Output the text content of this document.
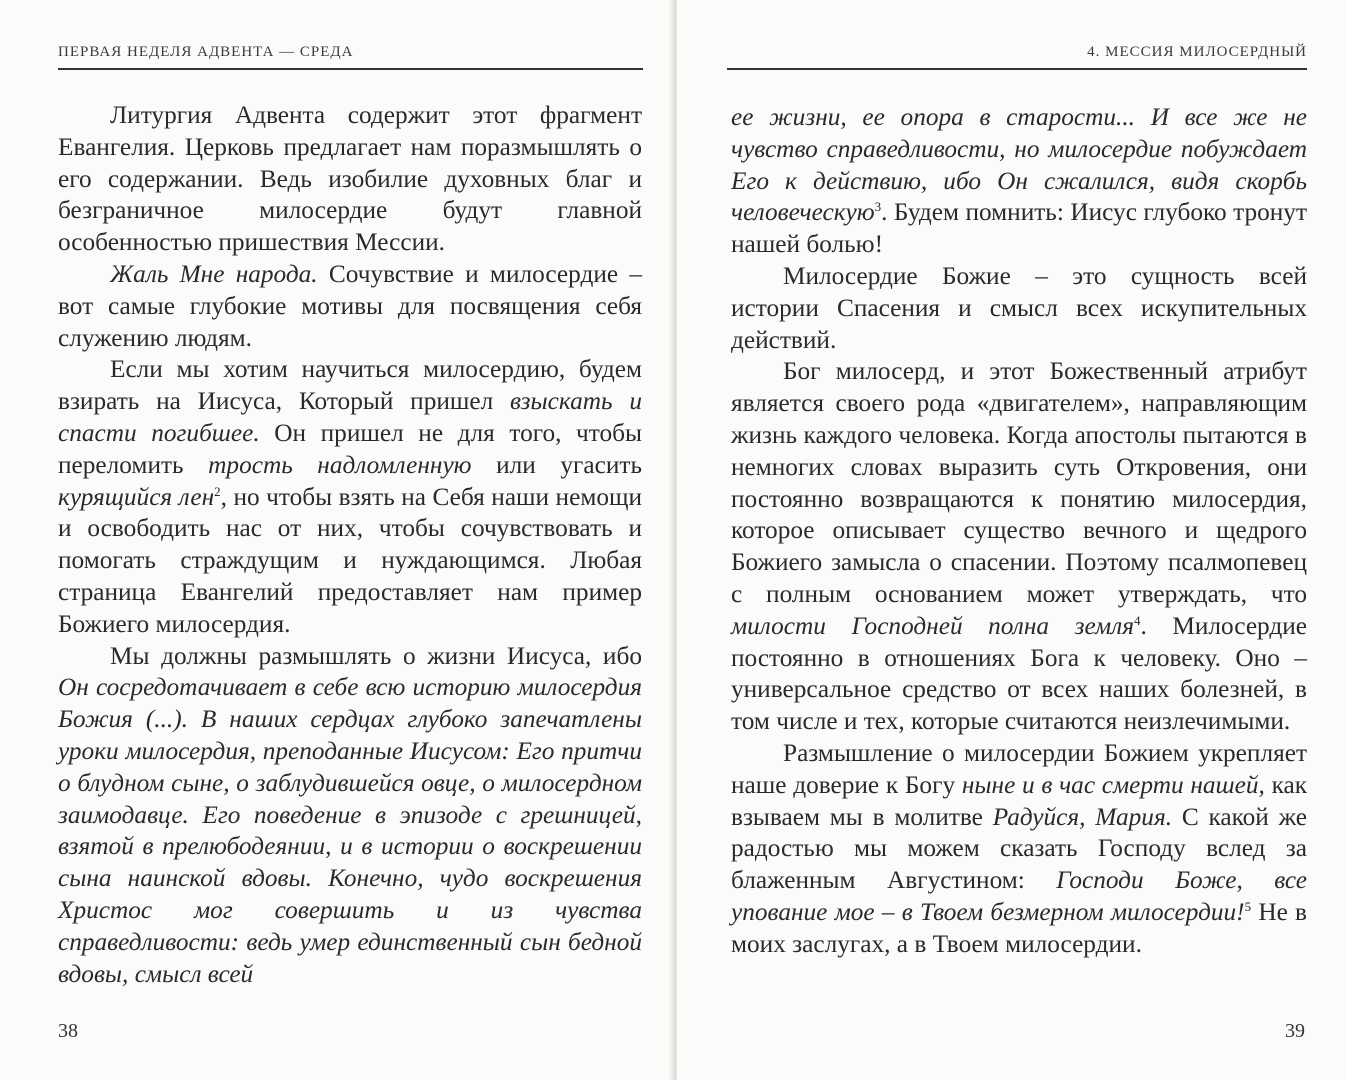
ПЕРВАЯ НЕДЕЛЯ АДВЕНТА — СРЕДА

Литургия Адвента содержит этот фрагмент Евангелия. Церковь предлагает нам поразмышлять о его содержании. Ведь изобилие духовных благ и безграничное милосердие будут главной особенностью пришествия Мессии.

Жаль Мне народа. Сочувствие и милосердие – вот самые глубокие мотивы для посвящения себя служению людям.

Если мы хотим научиться милосердию, будем взирать на Иисуса, Который пришел взыскать и спасти погибшее. Он пришел не для того, чтобы переломить трость надломленную или угасить курящийся лен$^2$, но чтобы взять на Себя наши немощи и освободить нас от них, чтобы сочувствовать и помогать страждущим и нуждающимся. Любая страница Евангелий предоставляет нам пример Божиего милосердия.

Мы должны размышлять о жизни Иисуса, ибо Он сосредотачивает в себе всю историю милосердия Божия (...). В наших сердцах глубоко запечатлены уроки милосердия, преподанные Иисусом: Его притчи о блудном сыне, о заблудившейся овце, о милосердном заимодавце. Его поведение в эпизоде с грешницей, взятой в прелюбодеянии, и в истории о воскрешении сына наинской вдовы. Конечно, чудо воскрешения Христос мог совершить и из чувства справедливости: ведь умер единственный сын бедной вдовы, смысл всей

38
4. МЕССИЯ МИЛОСЕРДНЫЙ

ее жизни, ее опора в старости... И все же не чувство справедливости, но милосердие побуждает Его к действию, ибо Он сжалился, видя скорбь человеческую$^3$. Будем помнить: Иисус глубоко тронут нашей болью!

Милосердие Божие – это сущность всей истории Спасения и смысл всех искупительных действий.

Бог милосерд, и этот Божественный атрибут является своего рода «двигателем», направляющим жизнь каждого человека. Когда апостолы пытаются в немногих словах выразить суть Откровения, они постоянно возвращаются к понятию милосердия, которое описывает существо вечного и щедрого Божиего замысла о спасении. Поэтому псалмопевец с полным основанием может утверждать, что милости Господней полна земля$^4$. Милосердие постоянно в отношениях Бога к человеку. Оно – универсальное средство от всех наших болезней, в том числе и тех, которые считаются неизлечимыми.

Размышление о милосердии Божием укрепляет наше доверие к Богу ныне и в час смерти нашей, как взываем мы в молитве Радуйся, Мария. С какой же радостью мы можем сказать Господу вслед за блаженным Августином: Господи Боже, все упование мое – в Твоем безмерном милосердии!$^5$ Не в моих заслугах, а в Твоем милосердии.

39
